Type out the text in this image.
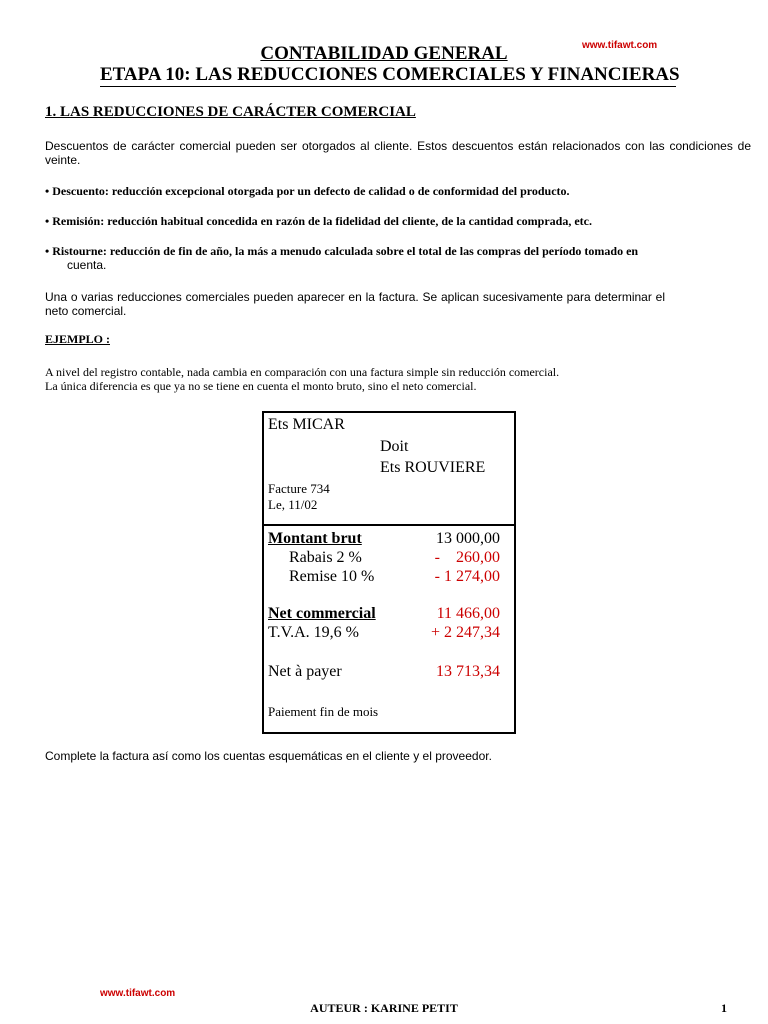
www.tifawt.com
CONTABILIDAD GENERAL
ETAPA 10: LAS REDUCCIONES COMERCIALES Y FINANCIERAS
1. LAS REDUCCIONES DE CARÁCTER COMERCIAL
Descuentos de carácter comercial pueden ser otorgados al cliente. Estos descuentos están relacionados con las condiciones de veinte.
• Descuento: reducción excepcional otorgada por un defecto de calidad o de conformidad del producto.
• Remisión: reducción habitual concedida en razón de la fidelidad del cliente, de la cantidad comprada, etc.
• Ristourne: reducción de fin de año, la más a menudo calculada sobre el total de las compras del período tomado en
cuenta.
Una o varias reducciones comerciales pueden aparecer en la factura. Se aplican sucesivamente para determinar el neto comercial.
EJEMPLO :
A nivel del registro contable, nada cambia en comparación con una factura simple sin reducción comercial.
La única diferencia es que ya no se tiene en cuenta el monto bruto, sino el neto comercial.
Ets MICAR
Doit
Ets ROUVIERE
Facture 734
Le, 11/02
Montant brut	13 000,00
Rabais 2 %	-    260,00
Remise 10 %	- 1 274,00
Net commercial	11 466,00
T.V.A. 19,6 %	+ 2 247,34
Net à payer	13 713,34
Paiement fin de mois
Complete la factura así como los cuentas esquemáticas en el cliente y el proveedor.
www.tifawt.com
AUTEUR : KARINE PETIT	1
